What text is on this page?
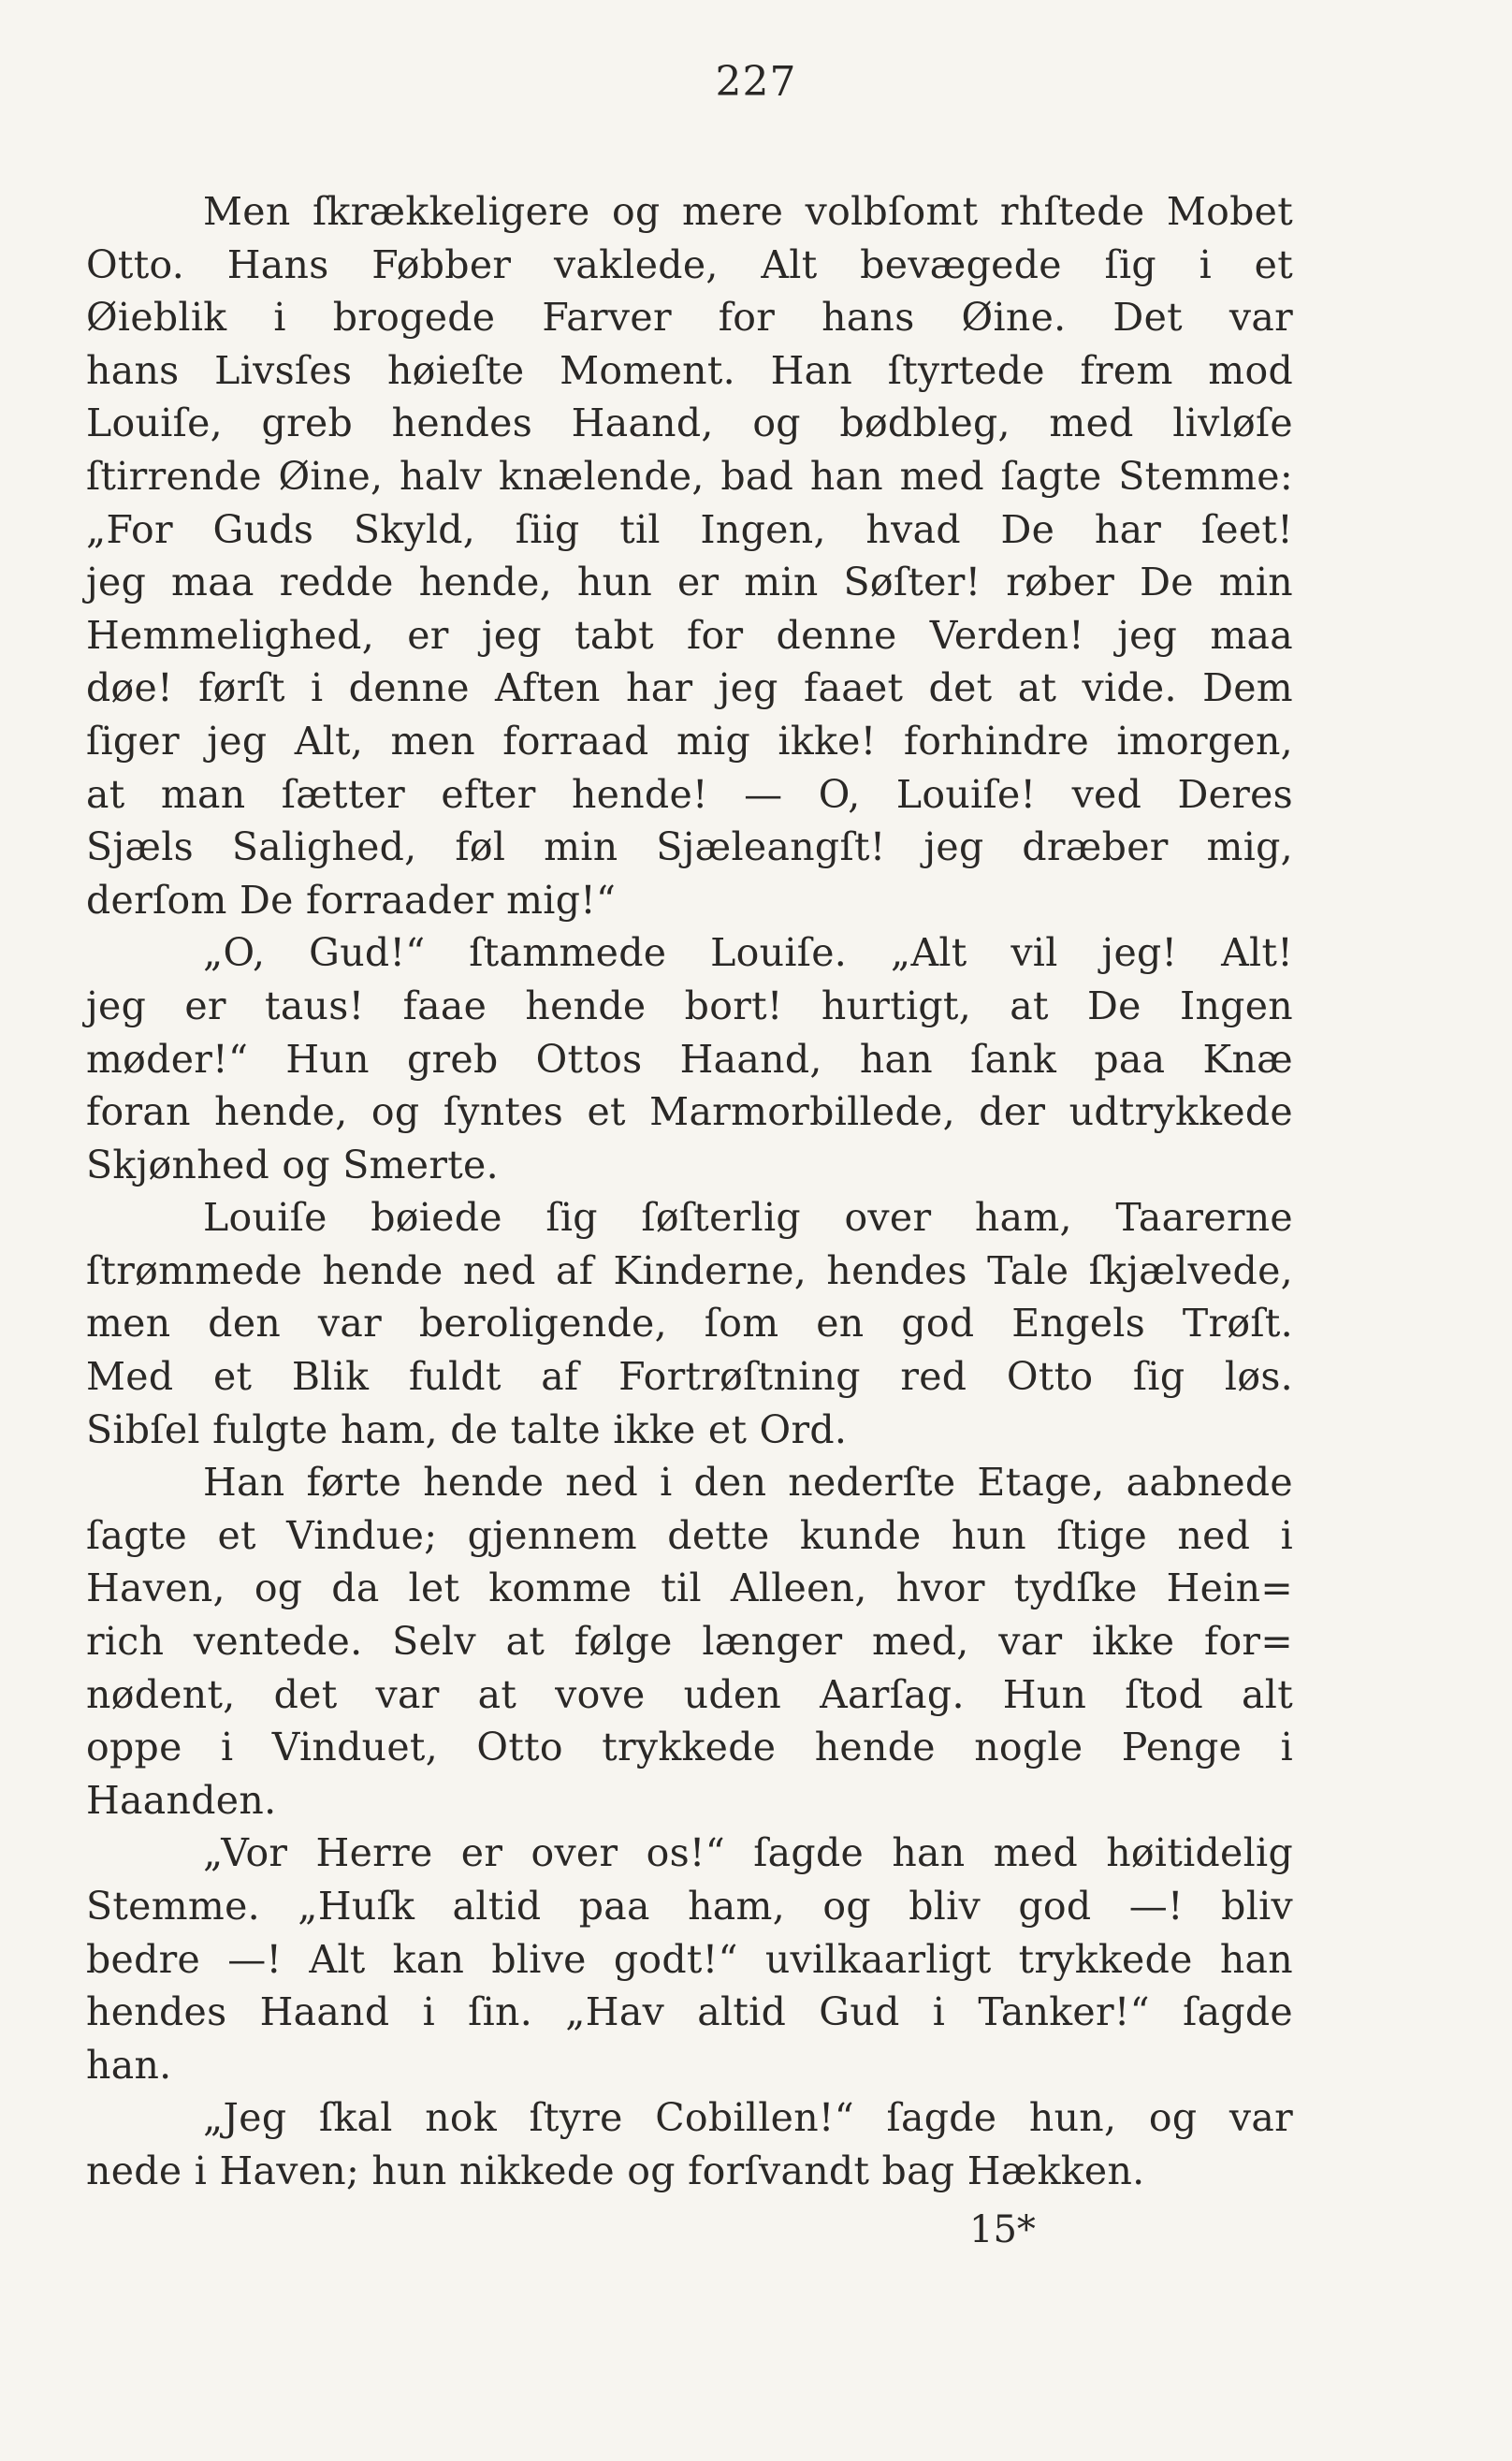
227
Men ſkrækkeligere og mere volbſomt rhſtede Mobet
Otto. Hans Føbber vaklede, Alt bevægede ſig i et
Øieblik i brogede Farver for hans Øine. Det var
hans Livsſes høieſte Moment. Han ſtyrtede frem mod
Louiſe, greb hendes Haand, og bødbleg, med livløſe
ſtirrende Øine, halv knælende, bad han med ſagte Stemme:
„For Guds Skyld, ſiig til Ingen, hvad De har ſeet!
jeg maa redde hende, hun er min Søſter! røber De min
Hemmelighed, er jeg tabt for denne Verden! jeg maa
døe! førſt i denne Aften har jeg faaet det at vide. Dem
ſiger jeg Alt, men forraad mig ikke! forhindre imorgen,
at man ſætter efter hende! — O, Louiſe! ved Deres
Sjæls Salighed, føl min Sjæleangſt! jeg dræber mig,
derſom De forraader mig!“
„O, Gud!“ ſtammede Louiſe. „Alt vil jeg! Alt!
jeg er taus! faae hende bort! hurtigt, at De Ingen
møder!“ Hun greb Ottos Haand, han ſank paa Knæ
foran hende, og ſyntes et Marmorbillede, der udtrykkede
Skjønhed og Smerte.
Louiſe bøiede ſig ſøſterlig over ham, Taarerne
ſtrømmede hende ned af Kinderne, hendes Tale ſkjælvede,
men den var beroligende, ſom en god Engels Trøſt.
Med et Blik fuldt af Fortrøſtning red Otto ſig løs.
Sibſel fulgte ham, de talte ikke et Ord.
Han førte hende ned i den nederſte Etage, aabnede
ſagte et Vindue; gjennem dette kunde hun ſtige ned i
Haven, og da let komme til Alleen, hvor tydſke Hein=
rich ventede. Selv at følge længer med, var ikke for=
nødent, det var at vove uden Aarſag. Hun ſtod alt
oppe i Vinduet, Otto trykkede hende nogle Penge i
Haanden.
„Vor Herre er over os!“ ſagde han med høitidelig
Stemme. „Huſk altid paa ham, og bliv god —! bliv
bedre —! Alt kan blive godt!“ uvilkaarligt trykkede han
hendes Haand i ſin. „Hav altid Gud i Tanker!“ ſagde
han.
„Jeg ſkal nok ſtyre Cobillen!“ ſagde hun, og var
nede i Haven; hun nikkede og forſvandt bag Hækken.
15*
